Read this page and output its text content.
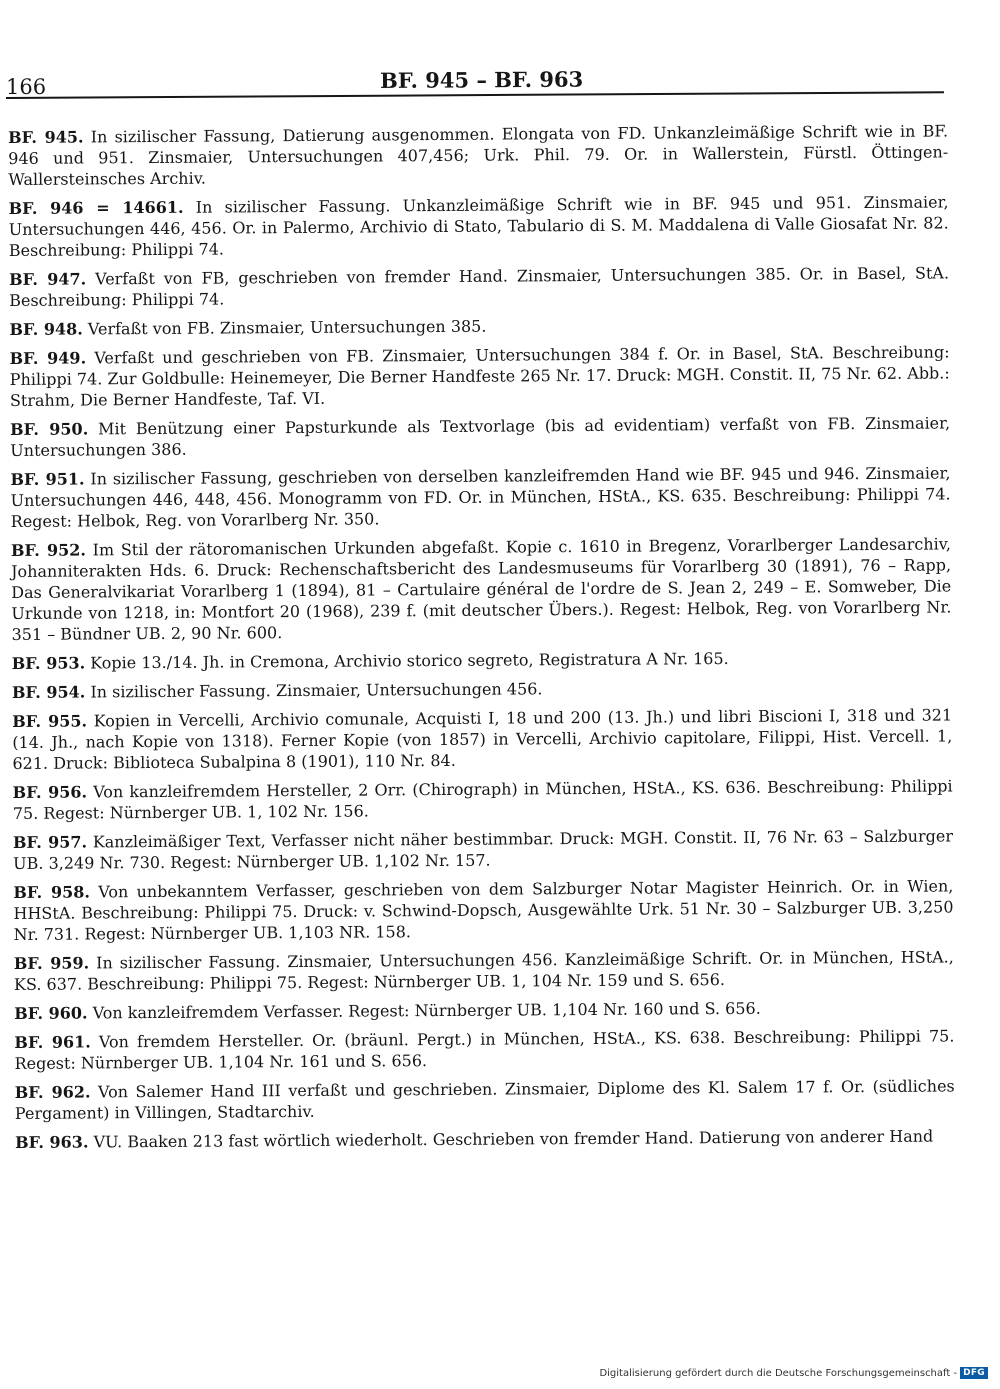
166	BF. 945 – BF. 963

BF. 945. In sizilischer Fassung, Datierung ausgenommen. Elongata von FD. Unkanzleimäßige Schrift wie in BF. 946 und 951. Zinsmaier, Untersuchungen 407,456; Urk. Phil. 79. Or. in Wallerstein, Fürstl. Öttingen-Wallersteinsches Archiv.

BF. 946 = 14661. In sizilischer Fassung. Unkanzleimäßige Schrift wie in BF. 945 und 951. Zinsmaier, Untersuchungen 446, 456. Or. in Palermo, Archivio di Stato, Tabulario di S. M. Maddalena di Valle Giosafat Nr. 82. Beschreibung: Philippi 74.

BF. 947. Verfaßt von FB, geschrieben von fremder Hand. Zinsmaier, Untersuchungen 385. Or. in Basel, StA. Beschreibung: Philippi 74.

BF. 948. Verfaßt von FB. Zinsmaier, Untersuchungen 385.

BF. 949. Verfaßt und geschrieben von FB. Zinsmaier, Untersuchungen 384 f. Or. in Basel, StA. Beschreibung: Philippi 74. Zur Goldbulle: Heinemeyer, Die Berner Handfeste 265 Nr. 17. Druck: MGH. Constit. II, 75 Nr. 62. Abb.: Strahm, Die Berner Handfeste, Taf. VI.

BF. 950. Mit Benützung einer Papsturkunde als Textvorlage (bis ad evidentiam) verfaßt von FB. Zinsmaier, Untersuchungen 386.

BF. 951. In sizilischer Fassung, geschrieben von derselben kanzleifremden Hand wie BF. 945 und 946. Zinsmaier, Untersuchungen 446, 448, 456. Monogramm von FD. Or. in München, HStA., KS. 635. Beschreibung: Philippi 74. Regest: Helbok, Reg. von Vorarlberg Nr. 350.

BF. 952. Im Stil der rätoromanischen Urkunden abgefaßt. Kopie c. 1610 in Bregenz, Vorarlberger Landesarchiv, Johanniterakten Hds. 6. Druck: Rechenschaftsbericht des Landesmuseums für Vorarlberg 30 (1891), 76 – Rapp, Das Generalvikariat Vorarlberg 1 (1894), 81 – Cartulaire général de l'ordre de S. Jean 2, 249 – E. Somweber, Die Urkunde von 1218, in: Montfort 20 (1968), 239 f. (mit deutscher Übers.). Regest: Helbok, Reg. von Vorarlberg Nr. 351 – Bündner UB. 2, 90 Nr. 600.

BF. 953. Kopie 13./14. Jh. in Cremona, Archivio storico segreto, Registratura A Nr. 165.

BF. 954. In sizilischer Fassung. Zinsmaier, Untersuchungen 456.

BF. 955. Kopien in Vercelli, Archivio comunale, Acquisti I, 18 und 200 (13. Jh.) und libri Biscioni I, 318 und 321 (14. Jh., nach Kopie von 1318). Ferner Kopie (von 1857) in Vercelli, Archivio capitolare, Filippi, Hist. Vercell. 1, 621. Druck: Biblioteca Subalpina 8 (1901), 110 Nr. 84.

BF. 956. Von kanzleifremdem Hersteller, 2 Orr. (Chirograph) in München, HStA., KS. 636. Beschreibung: Philippi 75. Regest: Nürnberger UB. 1, 102 Nr. 156.

BF. 957. Kanzleimäßiger Text, Verfasser nicht näher bestimmbar. Druck: MGH. Constit. II, 76 Nr. 63 – Salzburger UB. 3,249 Nr. 730. Regest: Nürnberger UB. 1,102 Nr. 157.

BF. 958. Von unbekanntem Verfasser, geschrieben von dem Salzburger Notar Magister Heinrich. Or. in Wien, HHStA. Beschreibung: Philippi 75. Druck: v. Schwind-Dopsch, Ausgewählte Urk. 51 Nr. 30 – Salzburger UB. 3,250 Nr. 731. Regest: Nürnberger UB. 1,103 NR. 158.

BF. 959. In sizilischer Fassung. Zinsmaier, Untersuchungen 456. Kanzleimäßige Schrift. Or. in München, HStA., KS. 637. Beschreibung: Philippi 75. Regest: Nürnberger UB. 1, 104 Nr. 159 und S. 656.

BF. 960. Von kanzleifremdem Verfasser. Regest: Nürnberger UB. 1,104 Nr. 160 und S. 656.

BF. 961. Von fremdem Hersteller. Or. (bräunl. Pergt.) in München, HStA., KS. 638. Beschreibung: Philippi 75. Regest: Nürnberger UB. 1,104 Nr. 161 und S. 656.

BF. 962. Von Salemer Hand III verfaßt und geschrieben. Zinsmaier, Diplome des Kl. Salem 17 f. Or. (südliches Pergament) in Villingen, Stadtarchiv.

BF. 963. VU. Baaken 213 fast wörtlich wiederholt. Geschrieben von fremder Hand. Datierung von anderer Hand

Digitalisierung gefördert durch die Deutsche Forschungsgemeinschaft - DFG
